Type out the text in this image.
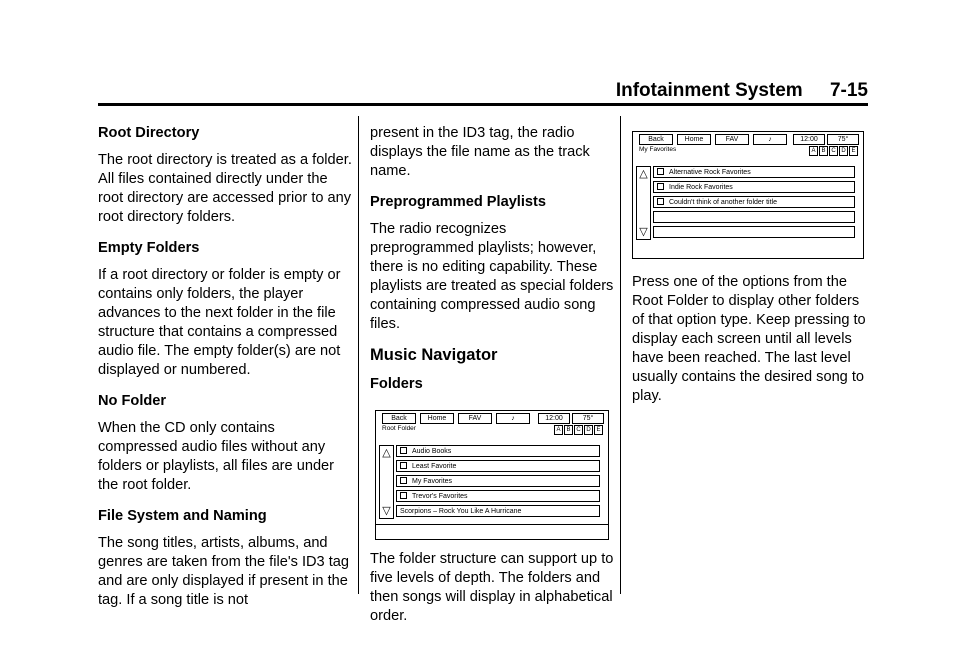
Infotainment System 7-15
Root Directory
The root directory is treated as a folder. All files contained directly under the root directory are accessed prior to any root directory folders.
Empty Folders
If a root directory or folder is empty or contains only folders, the player advances to the next folder in the file structure that contains a compressed audio file. The empty folder(s) are not displayed or numbered.
No Folder
When the CD only contains compressed audio files without any folders or playlists, all files are under the root folder.
File System and Naming
The song titles, artists, albums, and genres are taken from the file's ID3 tag and are only displayed if present in the tag. If a song title is not
present in the ID3 tag, the radio displays the file name as the track name.
Preprogrammed Playlists
The radio recognizes preprogrammed playlists; however, there is no editing capability. These playlists are treated as special folders containing compressed audio song files.
Music Navigator
Folders
Back	Home	FAV	♪	12:00	75°
Root Folder	A B C D E
△
▽
Audio Books
Least Favorite
My Favorites
Trevor's Favorites
Scorpions – Rock You Like A Hurricane
The folder structure can support up to five levels of depth. The folders and then songs will display in alphabetical order.
Back	Home	FAV	♪	12:00	75°
My Favorites	A B C D E
△
▽
Alternative Rock Favorites
Indie Rock Favorites
Couldn't think of another folder title
Press one of the options from the Root Folder to display other folders of that option type. Keep pressing to display each screen until all levels have been reached. The last level usually contains the desired song to play.
